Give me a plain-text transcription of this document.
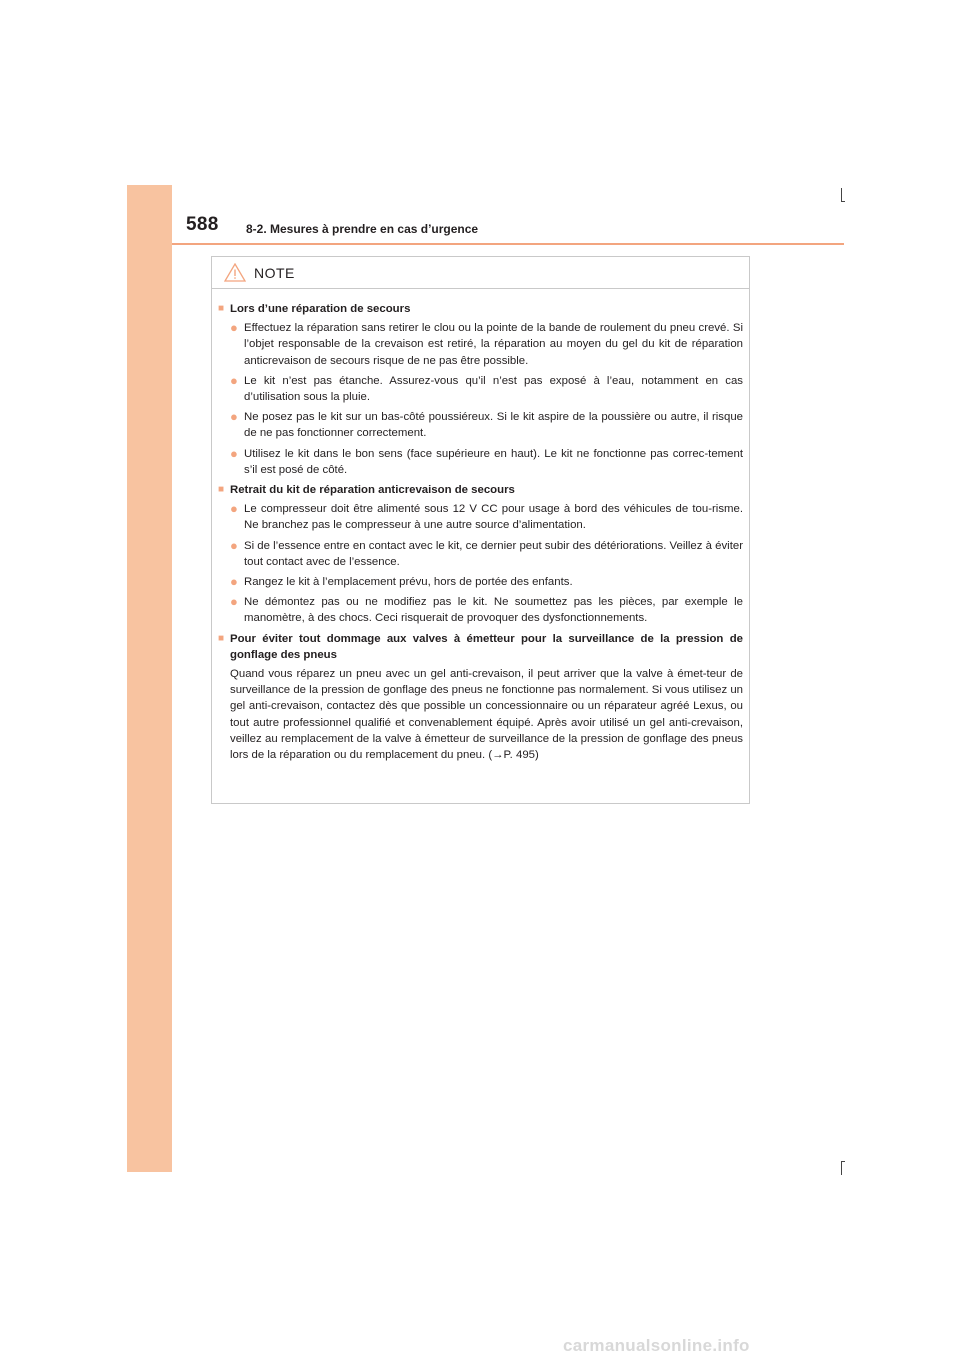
588 8-2. Mesures à prendre en cas d’urgence
NOTE
■ Lors d’une réparation de secours
● Effectuez la réparation sans retirer le clou ou la pointe de la bande de roulement du pneu crevé. Si l’objet responsable de la crevaison est retiré, la réparation au moyen du gel du kit de réparation anticrevaison de secours risque de ne pas être possible.
● Le kit n’est pas étanche. Assurez-vous qu’il n’est pas exposé à l’eau, notamment en cas d’utilisation sous la pluie.
● Ne posez pas le kit sur un bas-côté poussiéreux. Si le kit aspire de la poussière ou autre, il risque de ne pas fonctionner correctement.
● Utilisez le kit dans le bon sens (face supérieure en haut). Le kit ne fonctionne pas correc-tement s’il est posé de côté.
■ Retrait du kit de réparation anticrevaison de secours
● Le compresseur doit être alimenté sous 12 V CC pour usage à bord des véhicules de tou-risme. Ne branchez pas le compresseur à une autre source d’alimentation.
● Si de l’essence entre en contact avec le kit, ce dernier peut subir des détériorations. Veillez à éviter tout contact avec de l’essence.
● Rangez le kit à l’emplacement prévu, hors de portée des enfants.
● Ne démontez pas ou ne modifiez pas le kit. Ne soumettez pas les pièces, par exemple le manomètre, à des chocs. Ceci risquerait de provoquer des dysfonctionnements.
■ Pour éviter tout dommage aux valves à émetteur pour la surveillance de la pression de gonflage des pneus
Quand vous réparez un pneu avec un gel anti-crevaison, il peut arriver que la valve à émet-teur de surveillance de la pression de gonflage des pneus ne fonctionne pas normalement. Si vous utilisez un gel anti-crevaison, contactez dès que possible un concessionnaire ou un réparateur agréé Lexus, ou tout autre professionnel qualifié et convenablement équipé. Après avoir utilisé un gel anti-crevaison, veillez au remplacement de la valve à émetteur de surveillance de la pression de gonflage des pneus lors de la réparation ou du remplacement du pneu. (→P. 495)
carmanualsonline.info
